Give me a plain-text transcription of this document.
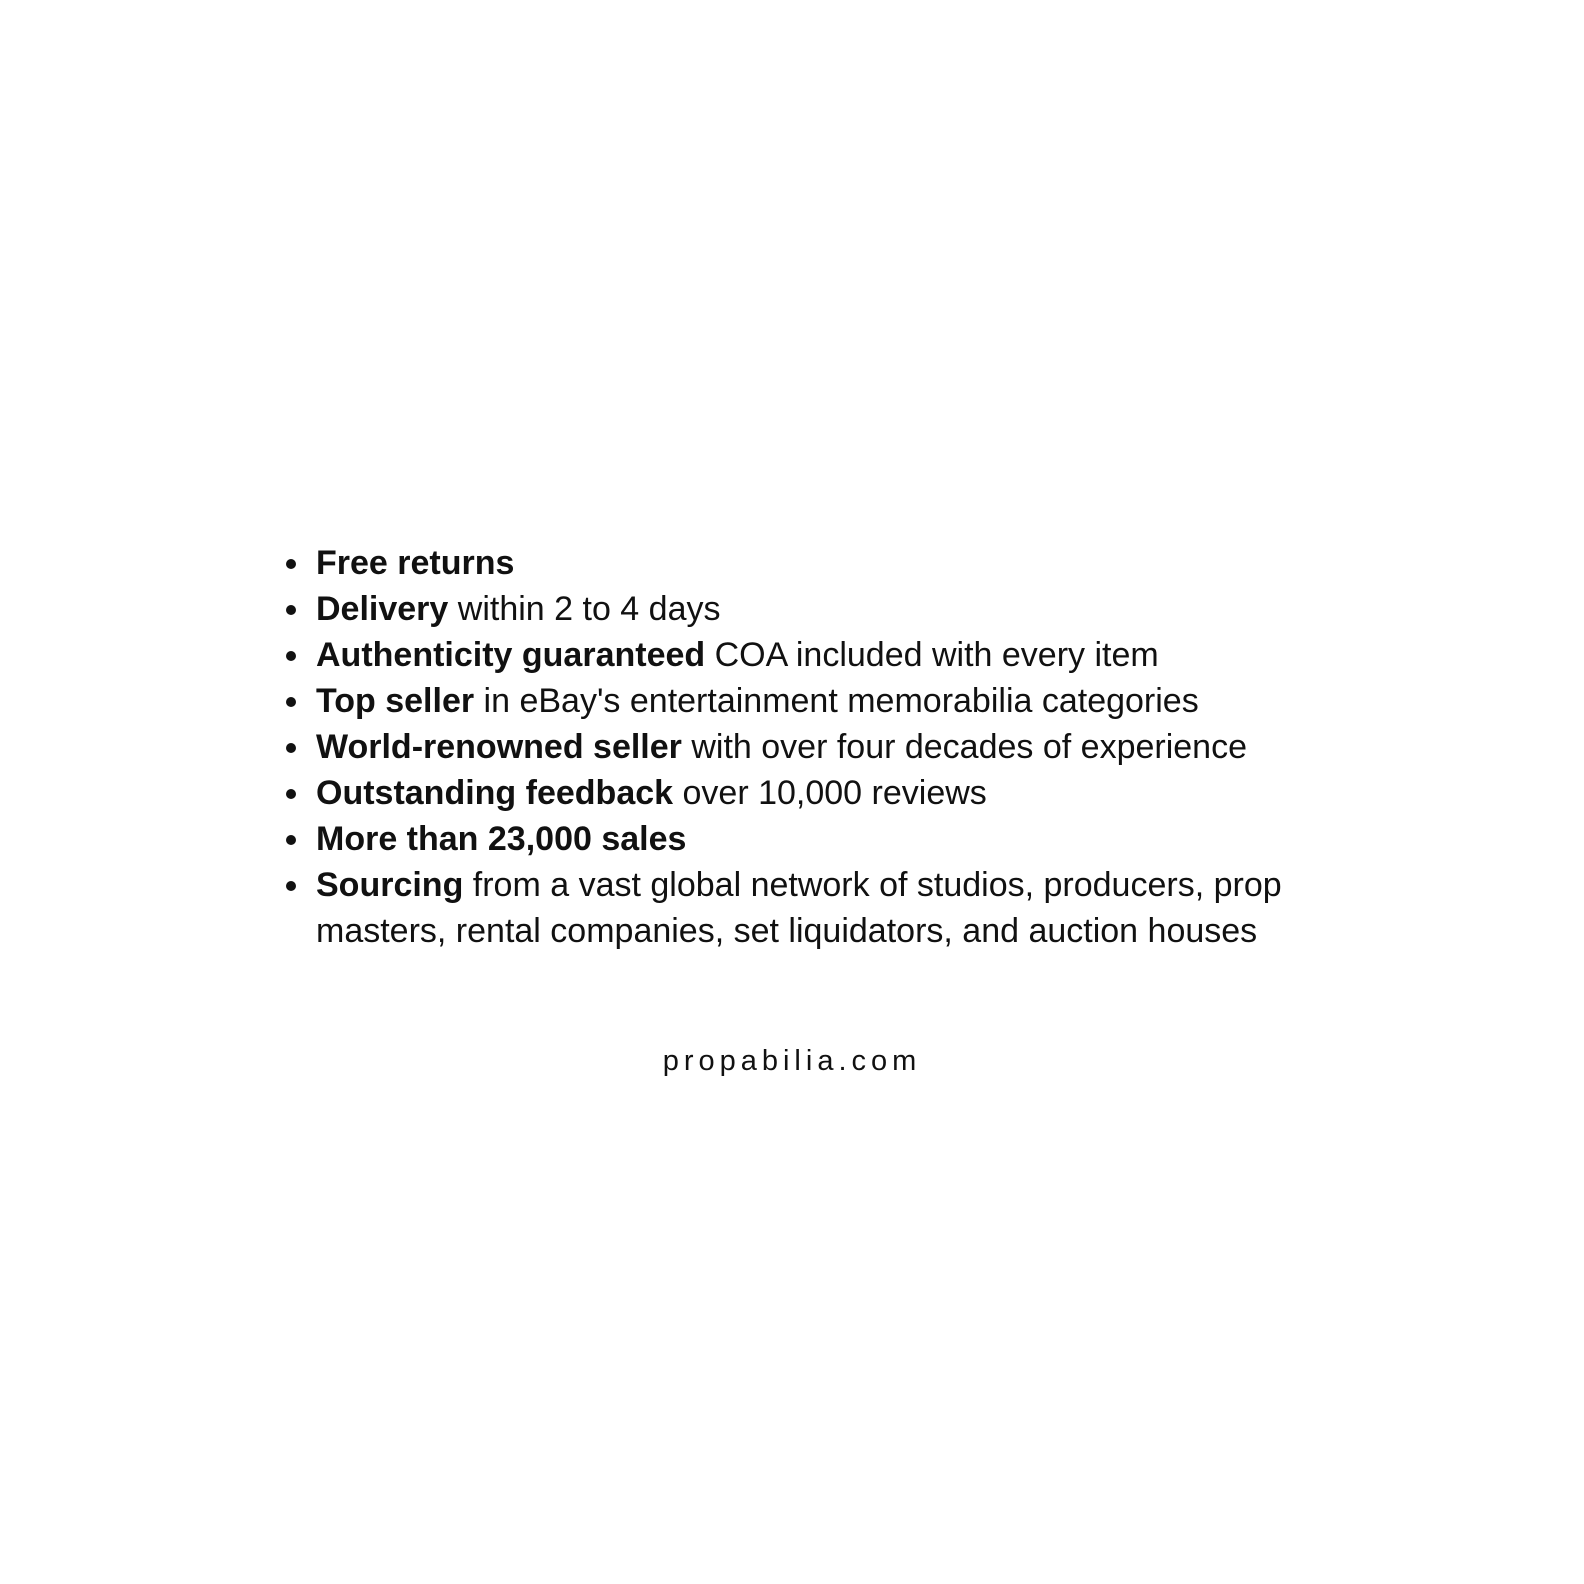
Free returns
Delivery within 2 to 4 days
Authenticity guaranteed COA included with every item
Top seller in eBay's entertainment memorabilia categories
World-renowned seller with over four decades of experience
Outstanding feedback over 10,000 reviews
More than 23,000 sales
Sourcing from a vast global network of studios, producers, prop masters, rental companies, set liquidators, and auction houses
propabilia.com
